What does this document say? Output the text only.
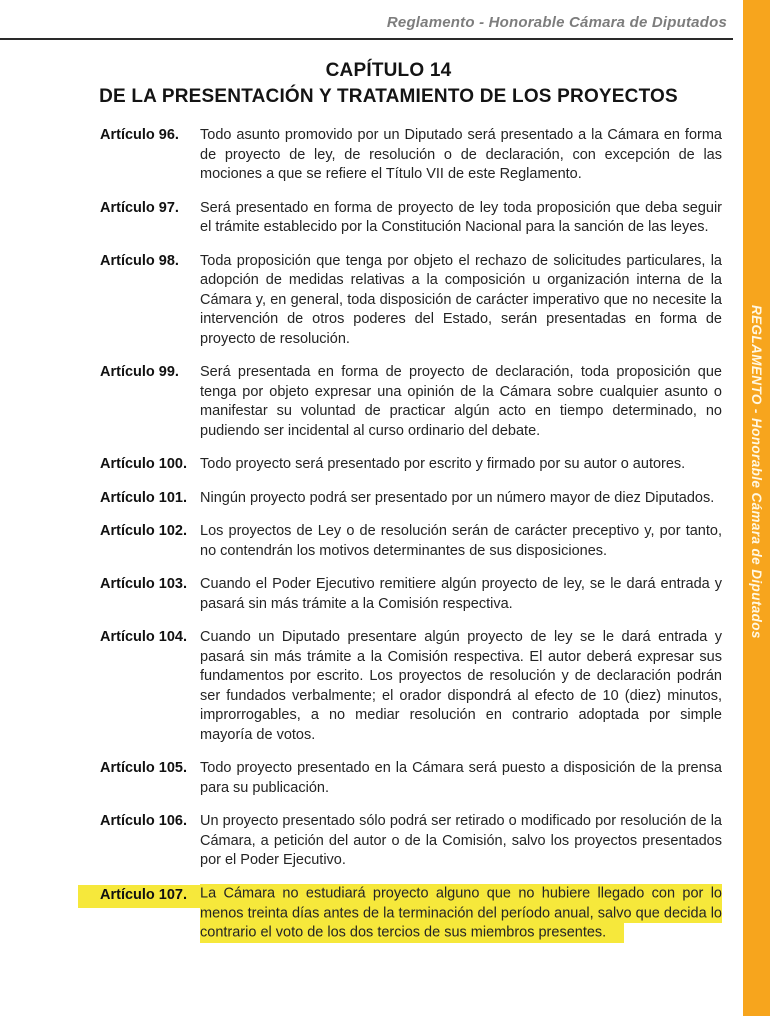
Reglamento - Honorable Cámara de Diputados
REGLAMENTO - Honorable Cámara de Diputados
CAPÍTULO 14
DE LA PRESENTACIÓN Y TRATAMIENTO DE LOS PROYECTOS
Artículo 96.	Todo asunto promovido por un Diputado será presentado a la Cámara en forma de proyecto de ley, de resolución o de declaración, con excepción de las mociones a que se refiere el Título VII de este Reglamento.
Artículo 97.	Será presentado en forma de proyecto de ley toda proposición que deba seguir el trámite establecido por la Constitución Nacional para la sanción de las leyes.
Artículo 98.	Toda proposición que tenga por objeto el rechazo de solicitudes particulares, la adopción de medidas relativas a la composición u organización interna de la Cámara y, en general, toda disposición de carácter imperativo que no necesite la intervención de otros poderes del Estado, serán presentadas en forma de proyecto de resolución.
Artículo 99.	Será presentada en forma de proyecto de declaración, toda proposición que tenga por objeto expresar una opinión de la Cámara sobre cualquier asunto o manifestar su voluntad de practicar algún acto en tiempo determinado, no pudiendo ser incidental al curso ordinario del debate.
Artículo 100. Todo proyecto será presentado por escrito y firmado por su autor o autores.
Artículo 101. Ningún proyecto podrá ser presentado por un número mayor de diez Diputados.
Artículo 102. Los proyectos de Ley o de resolución serán de carácter preceptivo y, por tanto, no contendrán los motivos determinantes de sus disposiciones.
Artículo 103. Cuando el Poder Ejecutivo remitiere algún proyecto de ley, se le dará entrada y pasará sin más trámite a la Comisión respectiva.
Artículo 104. Cuando un Diputado presentare algún proyecto de ley se le dará entrada y pasará sin más trámite a la Comisión respectiva. El autor deberá expresar sus fundamentos por escrito. Los proyectos de resolución y de declaración podrán ser fundados verbalmente; el orador dispondrá al efecto de 10 (diez) minutos, improrrogables, a no mediar resolución en contrario adoptada por simple mayoría de votos.
Artículo 105. Todo proyecto presentado en la Cámara será puesto a disposición de la prensa para su publicación.
Artículo 106. Un proyecto presentado sólo podrá ser retirado o modificado por resolución de la Cámara, a petición del autor o de la Comisión, salvo los proyectos presentados por el Poder Ejecutivo.
Artículo 107. La Cámara no estudiará proyecto alguno que no hubiere llegado con por lo menos treinta días antes de la terminación del período anual, salvo que decida lo contrario el voto de los dos tercios de sus miembros presentes.
